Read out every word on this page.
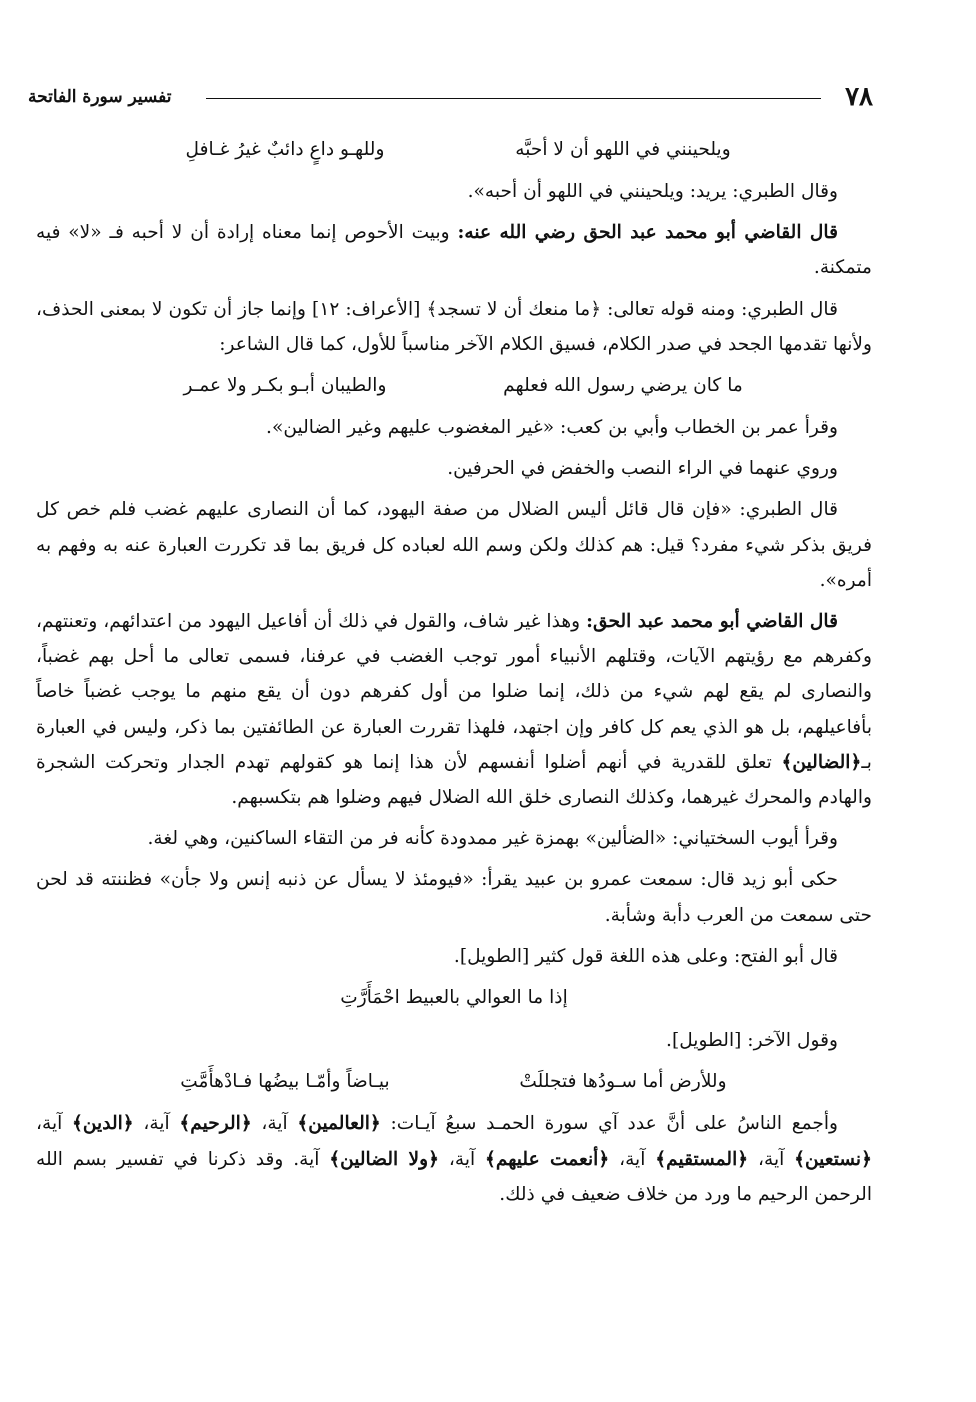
٧٨
تفسير سورة الفاتحة
ويلحينني في اللهو أن لا أحبَّه
وللهـو داعٍ دائبٌ غيرُ غـافلِ

وقال الطبري: يريد: ويلحينني في اللهو أن أحبه».

قال القاضي أبو محمد عبد الحق رضي الله عنه: وبيت الأحوص إنما معناه إرادة أن لا أحبه فـ «لا» فيه متمكنة.

قال الطبري: ومنه قوله تعالى: ﴿ما منعك أن لا تسجد﴾ [الأعراف: ١٢] وإنما جاز أن تكون لا بمعنى الحذف، ولأنها تقدمها الجحد في صدر الكلام، فسيق الكلام الآخر مناسباً للأول، كما قال الشاعر:

ما كان يرضي رسول الله فعلهم
والطيبان أبـو بكـر ولا عمـر

وقرأ عمر بن الخطاب وأبي بن كعب: «غير المغضوب عليهم وغير الضالين».

وروي عنهما في الراء النصب والخفض في الحرفين.

قال الطبري: «فإن قال قائل أليس الضلال من صفة اليهود، كما أن النصارى عليهم غضب فلم خص كل فريق بذكر شيء مفرد؟ قيل: هم كذلك ولكن وسم الله لعباده كل فريق بما قد تكررت العبارة عنه به وفهم به أمره».

قال القاضي أبو محمد عبد الحق: وهذا غير شاف، والقول في ذلك أن أفاعيل اليهود من اعتدائهم، وتعنتهم، وكفرهم مع رؤيتهم الآيات، وقتلهم الأنبياء أمور توجب الغضب في عرفنا، فسمى تعالى ما أحل بهم غضباً، والنصارى لم يقع لهم شيء من ذلك، إنما ضلوا من أول كفرهم دون أن يقع منهم ما يوجب غضباً خاصاً بأفاعيلهم، بل هو الذي يعم كل كافر وإن اجتهد، فلهذا تقررت العبارة عن الطائفتين بما ذكر، وليس في العبارة بـ﴿الضالين﴾ تعلق للقدرية في أنهم أضلوا أنفسهم لأن هذا إنما هو كقولهم تهدم الجدار وتحركت الشجرة والهادم والمحرك غيرهما، وكذلك النصارى خلق الله الضلال فيهم وضلوا هم بتكسبهم.

وقرأ أيوب السختياني: «الضألين» بهمزة غير ممدودة كأنه فر من التقاء الساكنين، وهي لغة.

حكى أبو زيد قال: سمعت عمرو بن عبيد يقرأ: «فيومئذ لا يسأل عن ذنبه إنس ولا جأن» فظننته قد لحن حتى سمعت من العرب دأبة وشأبة.

قال أبو الفتح: وعلى هذه اللغة قول كثير [الطويل].

إذا ما العوالي بالعبيط احْمَأَرَّتِ

وقول الآخر: [الطويل].

وللأرض أما سـودُها فتجللَتْ
بيـاضاً وأمّـا بيضُها فـادْهأَمَّتِ

وأجمع الناسُ على أنَّ عدد آي سورة الحمـد سبعُ آيـات: ﴿العالمين﴾ آية، ﴿الرحيم﴾ آية، ﴿الدين﴾ آية، ﴿نستعين﴾ آية، ﴿المستقيم﴾ آية، ﴿أنعمت عليهم﴾ آية، ﴿ولا الضالين﴾ آية. وقد ذكرنا في تفسير بسم الله الرحمن الرحيم ما ورد من خلاف ضعيف في ذلك.
